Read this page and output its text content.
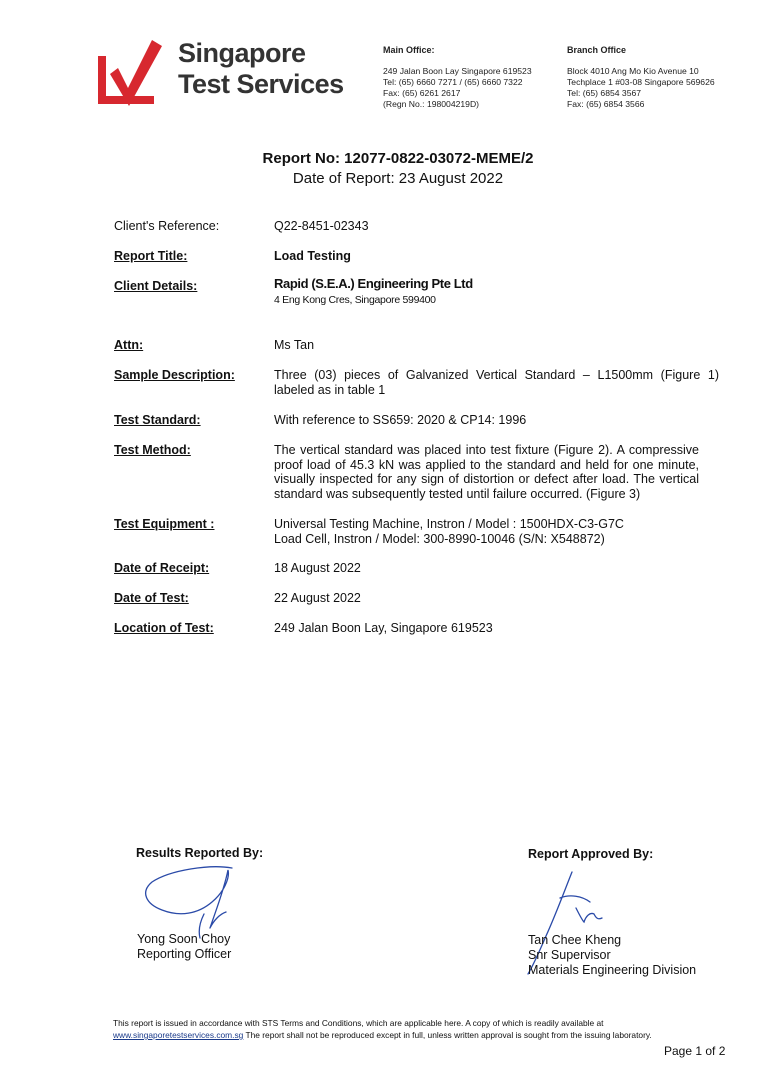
Singapore
Test Services
Main Office:
249 Jalan Boon Lay Singapore 619523
Tel: (65) 6660 7271 / (65) 6660 7322
Fax: (65) 6261 2617
(Regn No.: 198004219D)
Branch Office
Block 4010 Ang Mo Kio Avenue 10
Techplace 1 #03-08 Singapore 569626
Tel: (65) 6854 3567
Fax: (65) 6854 3566
Report No: 12077-0822-03072-MEME/2
Date of Report: 23 August 2022
Client's Reference:	Q22-8451-02343
Report Title:	Load Testing
Client Details:	Rapid (S.E.A.) Engineering Pte Ltd
4 Eng Kong Cres, Singapore 599400
Attn:	Ms Tan
Sample Description:	Three (03) pieces of Galvanized Vertical Standard – L1500mm (Figure 1) labeled as in table 1
Test Standard:	With reference to SS659: 2020 & CP14: 1996
Test Method:	The vertical standard was placed into test fixture (Figure 2). A compressive proof load of 45.3 kN was applied to the standard and held for one minute, visually inspected for any sign of distortion or defect after load. The vertical standard was subsequently tested until failure occurred. (Figure 3)
Test Equipment :	Universal Testing Machine, Instron / Model : 1500HDX-C3-G7C
Load Cell, Instron / Model: 300-8990-10046 (S/N: X548872)
Date of Receipt:	18 August 2022
Date of Test:	22 August 2022
Location of Test:	249 Jalan Boon Lay, Singapore 619523
Results Reported By:
Yong Soon Choy
Reporting Officer
Report Approved By:
Tan Chee Kheng
Snr Supervisor
Materials Engineering Division
This report is issued in accordance with STS Terms and Conditions, which are applicable here. A copy of which is readily available at
www.singaporetestservices.com.sg The report shall not be reproduced except in full, unless written approval is sought from the issuing laboratory.
Page 1 of 2
